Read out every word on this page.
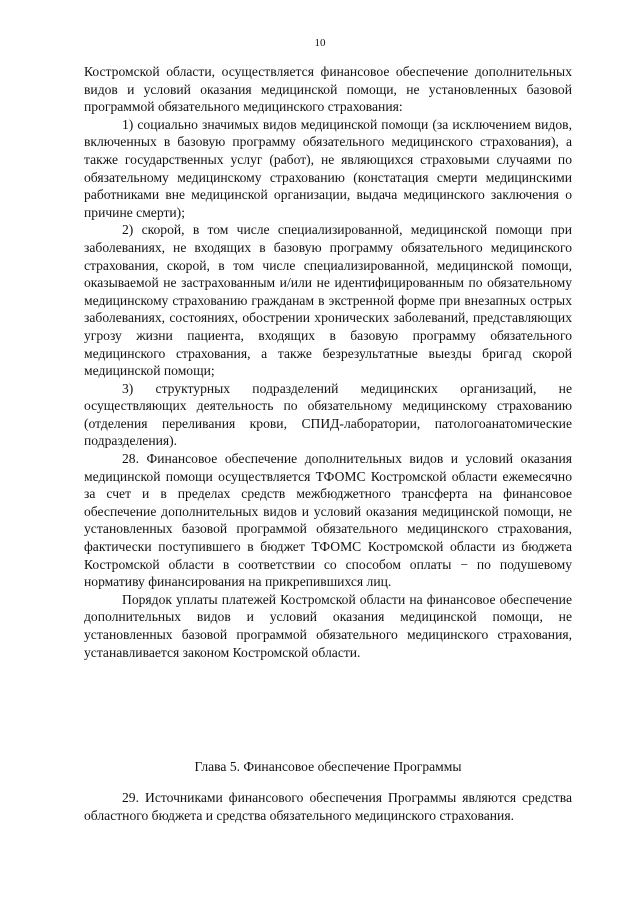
10

Костромской области, осуществляется финансовое обеспечение дополнительных видов и условий оказания медицинской помощи, не установленных базовой программой обязательного медицинского страхования:

1) социально значимых видов медицинской помощи (за исключением видов, включенных в базовую программу обязательного медицинского страхования), а также государственных услуг (работ), не являющихся страховыми случаями по обязательному медицинскому страхованию (констатация смерти медицинскими работниками вне медицинской организации, выдача медицинского заключения о причине смерти);

2) скорой, в том числе специализированной, медицинской помощи при заболеваниях, не входящих в базовую программу обязательного медицинского страхования, скорой, в том числе специализированной, медицинской помощи, оказываемой не застрахованным и/или не идентифицированным по обязательному медицинскому страхованию гражданам в экстренной форме при внезапных острых заболеваниях, состояниях, обострении хронических заболеваний, представляющих угрозу жизни пациента, входящих в базовую программу обязательного медицинского страхования, а также безрезультатные выезды бригад скорой медицинской помощи;

3) структурных подразделений медицинских организаций, не осуществляющих деятельность по обязательному медицинскому страхованию (отделения переливания крови, СПИД-лаборатории, патологоанатомические подразделения).

28. Финансовое обеспечение дополнительных видов и условий оказания медицинской помощи осуществляется ТФОМС Костромской области ежемесячно за счет и в пределах средств межбюджетного трансферта на финансовое обеспечение дополнительных видов и условий оказания медицинской помощи, не установленных базовой программой обязательного медицинского страхования, фактически поступившего в бюджет ТФОМС Костромской области из бюджета Костромской области в соответствии со способом оплаты − по подушевому нормативу финансирования на прикрепившихся лиц.

Порядок уплаты платежей Костромской области на финансовое обеспечение дополнительных видов и условий оказания медицинской помощи, не установленных базовой программой обязательного медицинского страхования, устанавливается законом Костромской области.

Глава 5. Финансовое обеспечение Программы

29. Источниками финансового обеспечения Программы являются средства областного бюджета и средства обязательного медицинского страхования.
